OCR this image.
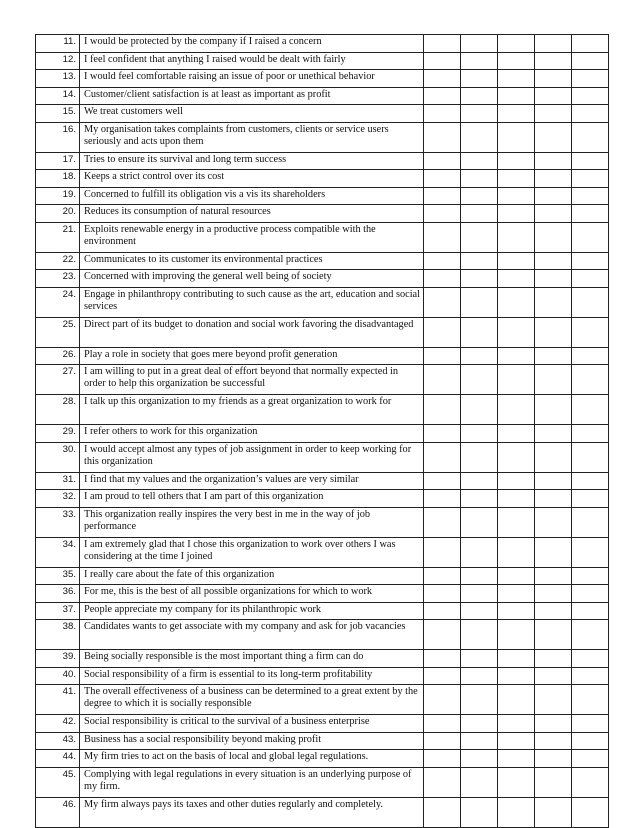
11.	I would be protected by the company if I raised a concern					
12.	I feel confident that anything I raised would be dealt with fairly					
13.	I would feel comfortable raising an issue of poor or unethical behavior					
14.	Customer/client satisfaction is at least as important as profit					
15.	We treat customers well					
16.	My organisation takes complaints from customers, clients or service users seriously and acts upon them					
17.	Tries to ensure its survival and long term success					
18.	Keeps a strict control over its cost					
19.	Concerned to fulfill its obligation vis a vis its shareholders					
20.	Reduces its consumption of natural resources					
21.	Exploits renewable energy in a productive process compatible with the environment					
22.	Communicates to its customer its environmental practices					
23.	Concerned with improving the general well being of society					
24.	Engage in philanthropy contributing to such cause as the art, education and social services					
25.	Direct part of its budget to donation and social work favoring the disadvantaged					
26.	Play a role in society that goes mere beyond profit generation					
27.	I am willing to put in a great deal of effort beyond that normally expected in order to help this organization be successful					
28.	I talk up this organization to my friends as a great organization to work for					
29.	I refer others to work for this organization					
30.	I would accept almost any types of job assignment in order to keep working for this organization					
31.	I find that my values and the organization’s values are very similar					
32.	I am proud to tell others that I am part of this organization					
33.	This organization really inspires the very best in me in the way of job performance					
34.	I am extremely glad that I chose this organization to work over others I was considering at the time I joined					
35.	I really care about the fate of this organization					
36.	For me, this is the best of all possible organizations for which to work					
37.	People appreciate my company for its philanthropic work					
38.	Candidates wants to get associate with my company and ask for job vacancies					
39.	Being socially responsible is the most important thing a firm can do					
40.	Social responsibility of a firm is essential to its long-term profitability					
41.	The overall effectiveness of a business can be determined to a great extent by the degree to which it is socially responsible					
42.	Social responsibility is critical to the survival of a business enterprise					
43.	Business has a social responsibility beyond making profit					
44.	My firm tries to act on the basis of local and global legal regulations.					
45.	Complying with legal regulations in every situation is an underlying purpose of my firm.					
46.	My firm always pays its taxes and other duties regularly and completely.					
